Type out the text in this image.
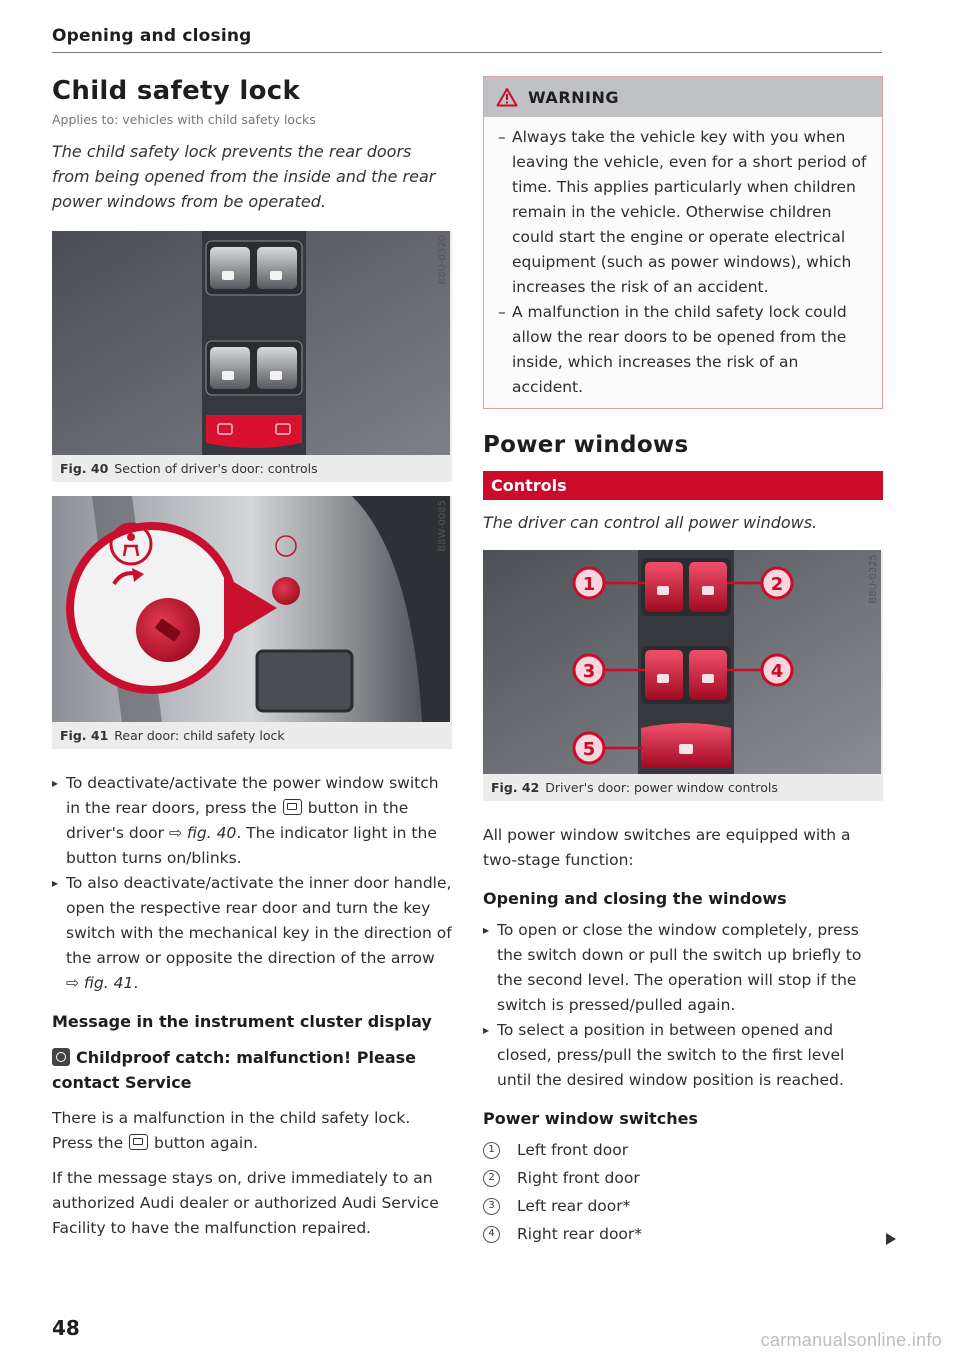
Opening and closing
Child safety lock

Applies to: vehicles with child safety locks

The child safety lock prevents the rear doors from being opened from the inside and the rear power windows from be operated.

B8U-0320
Fig. 40 Section of driver's door: controls
B8W-0085
Fig. 41 Rear door: child safety lock
▸ To deactivate/activate the power window switch in the rear doors, press the button in the driver's door ⇨ fig. 40. The indicator light in the button turns on/blinks.
▸ To also deactivate/activate the inner door handle, open the respective rear door and turn the key switch with the mechanical key in the direction of the arrow or opposite the direction of the arrow ⇨ fig. 41.
Message in the instrument cluster display

Childproof catch: malfunction! Please contact Service

There is a malfunction in the child safety lock. Press the button again.

If the message stays on, drive immediately to an authorized Audi dealer or authorized Audi Service Facility to have the malfunction repaired.

WARNING
– Always take the vehicle key with you when leaving the vehicle, even for a short period of time. This applies particularly when children remain in the vehicle. Otherwise children could start the engine or operate electrical equipment (such as power windows), which increases the risk of an accident.
– A malfunction in the child safety lock could allow the rear doors to be opened from the inside, which increases the risk of an accident.
Power windows
Controls

The driver can control all power windows.

1	2
3	4
5
B8U-0325
Fig. 42 Driver's door: power window controls

All power window switches are equipped with a two-stage function:

Opening and closing the windows
▸ To open or close the window completely, press the switch down or pull the switch up briefly to the second level. The operation will stop if the switch is pressed/pulled again.
▸ To select a position in between opened and closed, press/pull the switch to the first level until the desired window position is reached.
Power window switches
1	Left front door
2	Right front door
3	Left rear door*
4	Right rear door*
48	carmanualsonline.info
